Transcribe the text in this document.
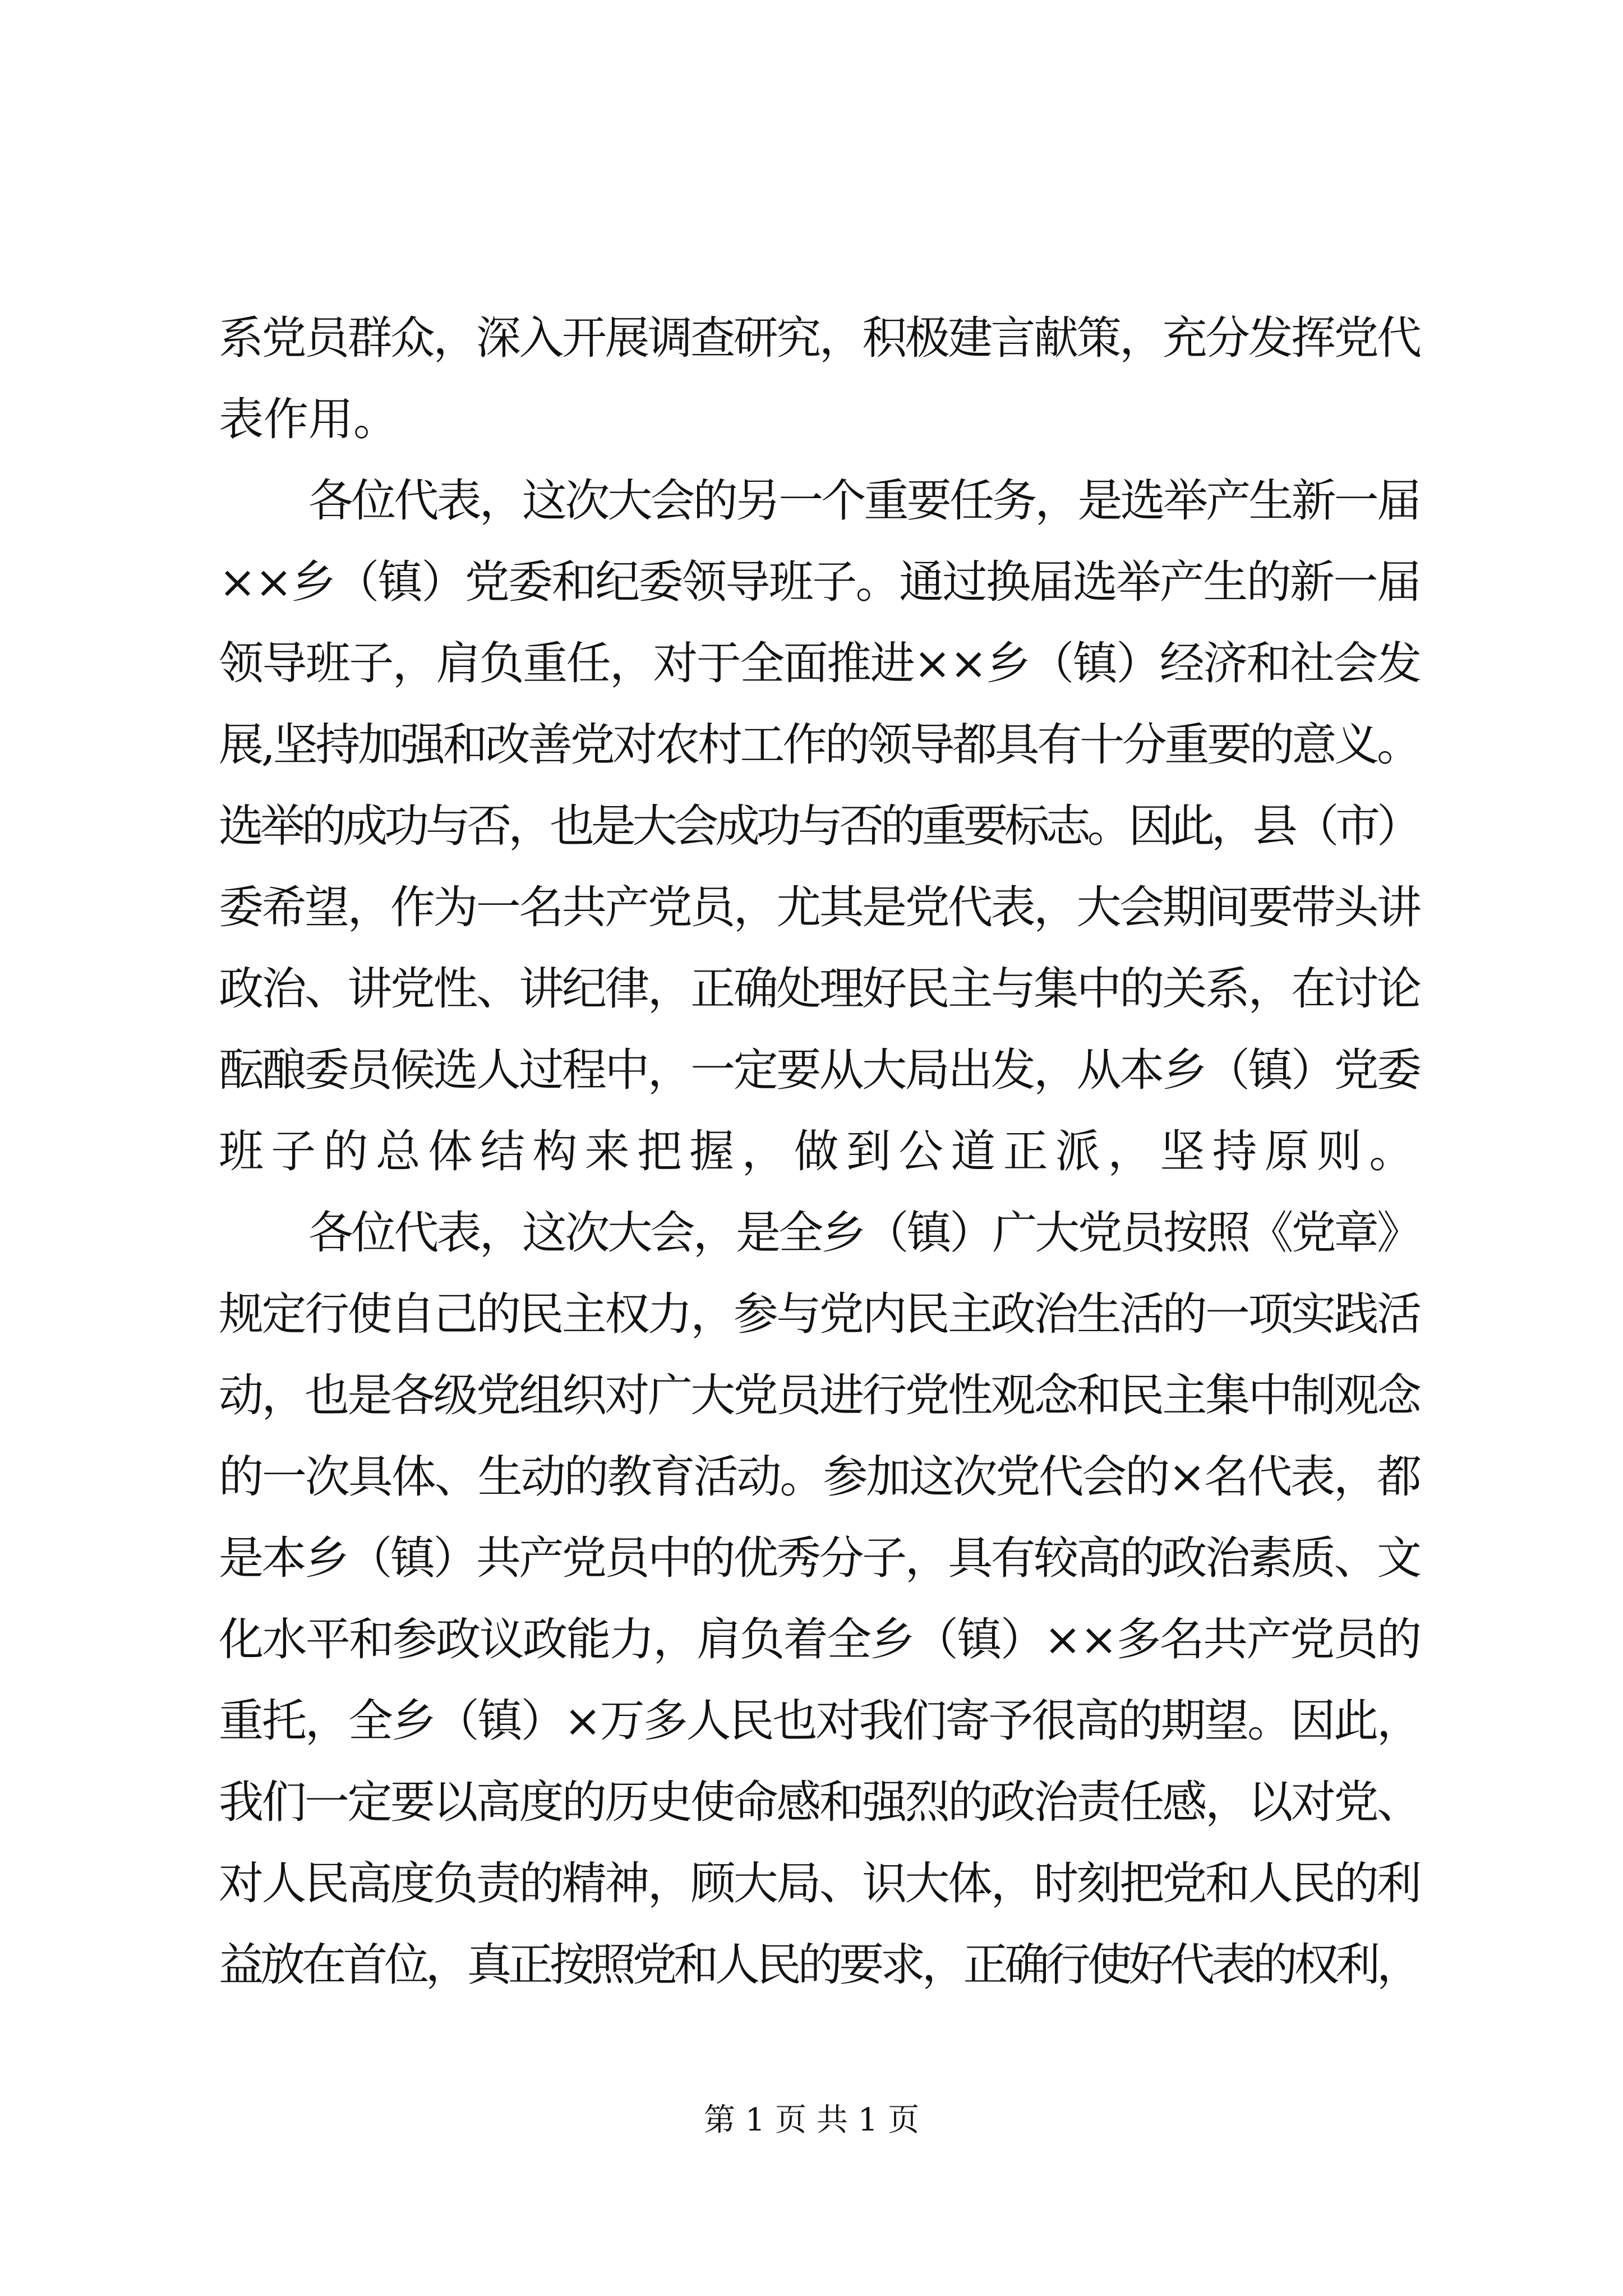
系党员群众，深入开展调查研究，积极建言献策，充分发挥党代
表作用。
各位代表，这次大会的另一个重要任务，是选举产生新一届
××乡（镇）党委和纪委领导班子。通过换届选举产生的新一届
领导班子，肩负重任，对于全面推进××乡（镇）经济和社会发
展,坚持加强和改善党对农村工作的领导都具有十分重要的意义。
选举的成功与否，也是大会成功与否的重要标志。因此，县（市）
委希望，作为一名共产党员，尤其是党代表，大会期间要带头讲
政治、讲党性、讲纪律，正确处理好民主与集中的关系，在讨论
酝酿委员候选人过程中，一定要从大局出发，从本乡（镇）党委
班子的总体结构来把握，做到公道正派，坚持原则。
各位代表，这次大会，是全乡（镇）广大党员按照《党章》
规定行使自己的民主权力，参与党内民主政治生活的一项实践活
动，也是各级党组织对广大党员进行党性观念和民主集中制观念
的一次具体、生动的教育活动。参加这次党代会的×名代表，都
是本乡（镇）共产党员中的优秀分子，具有较高的政治素质、文
化水平和参政议政能力，肩负着全乡（镇）××多名共产党员的
重托，全乡（镇）×万多人民也对我们寄予很高的期望。因此，
我们一定要以高度的历史使命感和强烈的政治责任感，以对党、
对人民高度负责的精神，顾大局、识大体，时刻把党和人民的利
益放在首位，真正按照党和人民的要求，正确行使好代表的权利，
第 1 页 共 1 页
